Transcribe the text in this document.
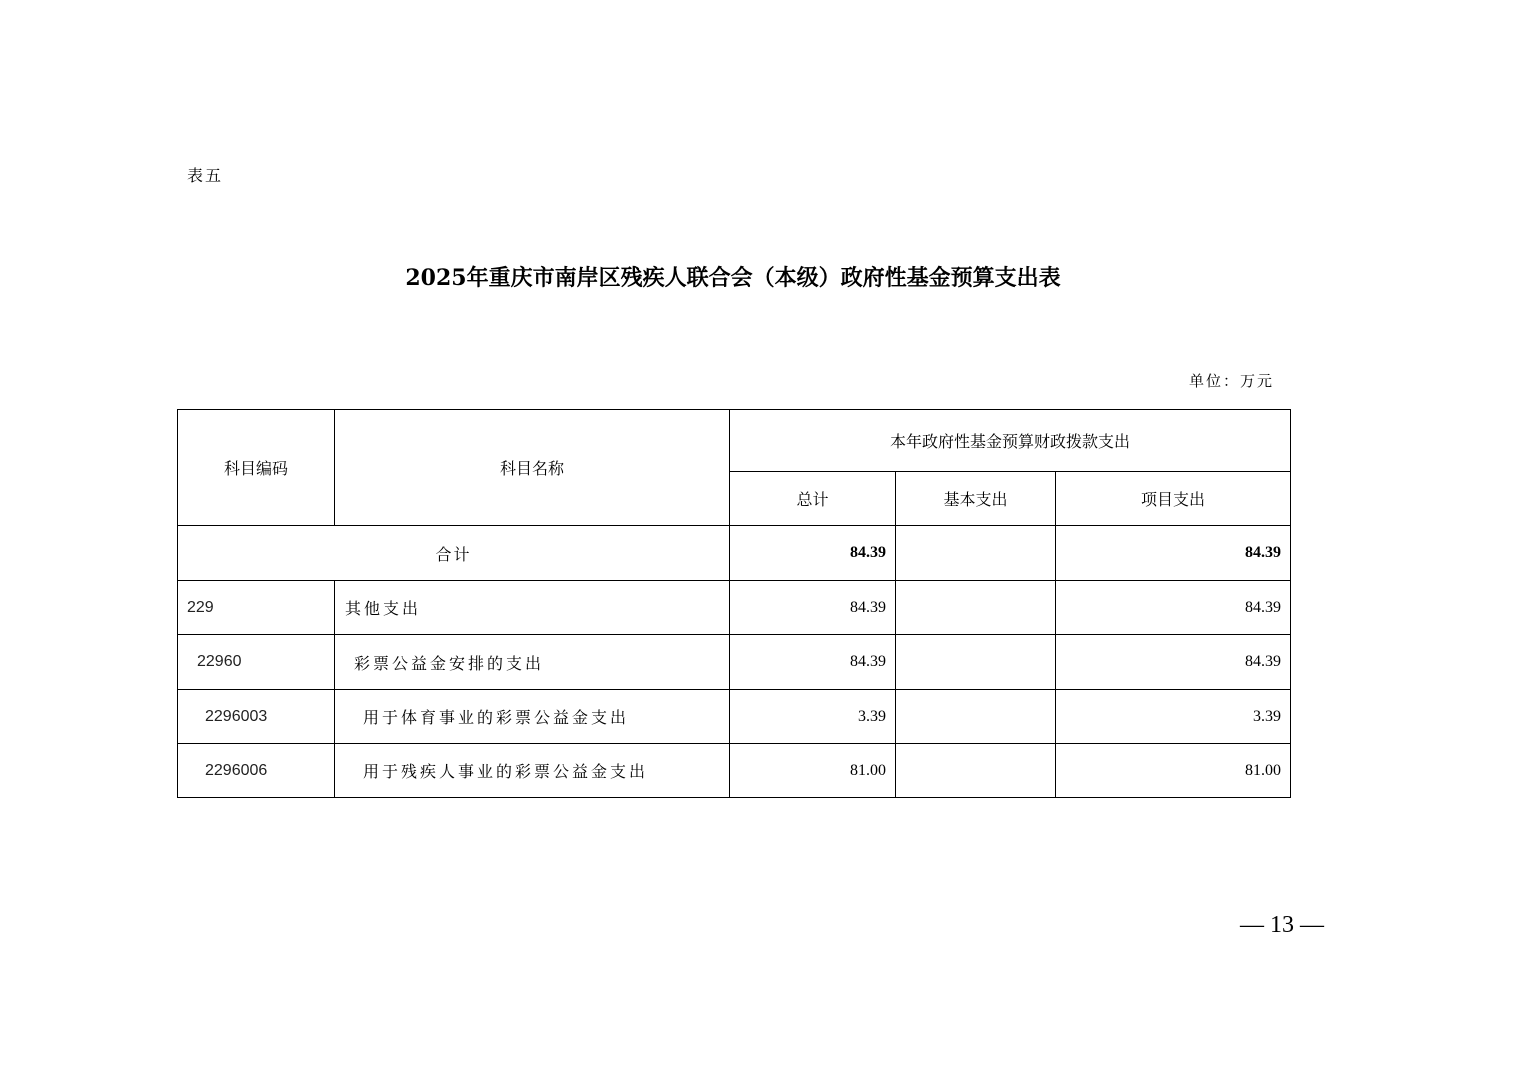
表五
2025年重庆市南岸区残疾人联合会（本级）政府性基金预算支出表
单位：万元
科目编码	科目名称	本年政府性基金预算财政拨款支出		
		总计	基本支出	项目支出
合计		84.39		84.39
229	其他支出	84.39		84.39
22960	彩票公益金安排的支出	84.39		84.39
2296003	用于体育事业的彩票公益金支出	3.39		3.39
2296006	用于残疾人事业的彩票公益金支出	81.00		81.00
— 13 —
